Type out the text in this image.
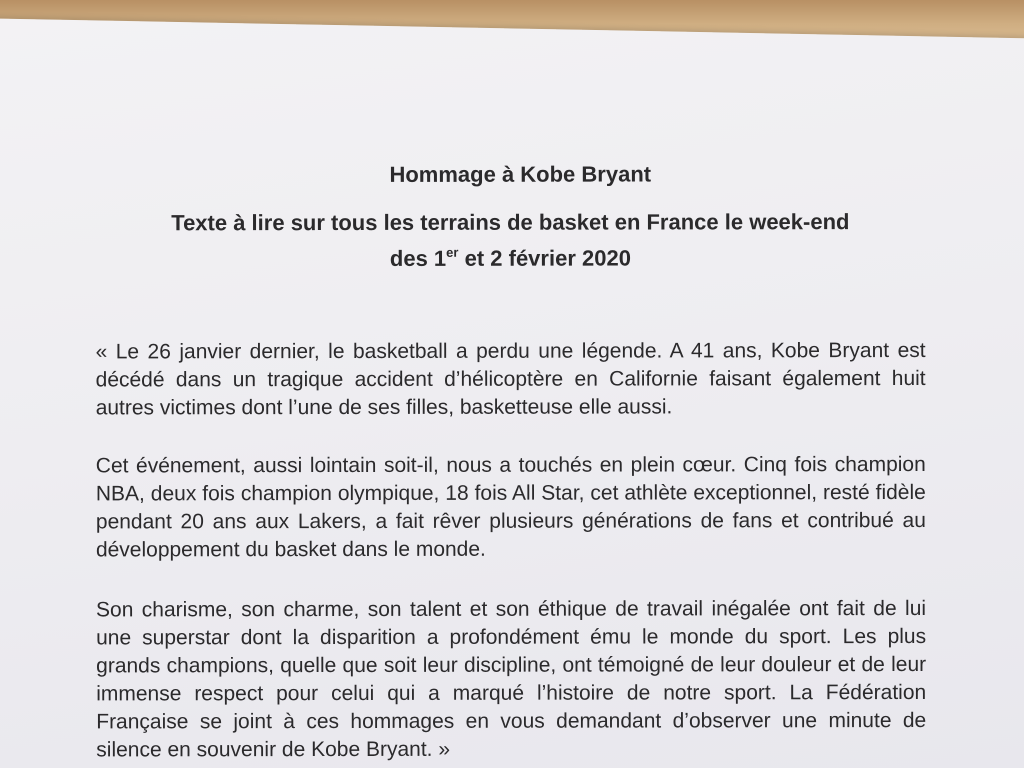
Hommage à Kobe Bryant
Texte à lire sur tous les terrains de basket en France le week-end
des 1er et 2 février 2020

« Le 26 janvier dernier, le basketball a perdu une légende. A 41 ans, Kobe Bryant est décédé dans un tragique accident d’hélicoptère en Californie faisant également huit autres victimes dont l’une de ses filles, basketteuse elle aussi.

Cet événement, aussi lointain soit-il, nous a touchés en plein cœur. Cinq fois champion NBA, deux fois champion olympique, 18 fois All Star, cet athlète exceptionnel, resté fidèle pendant 20 ans aux Lakers, a fait rêver plusieurs générations de fans et contribué au développement du basket dans le monde.

Son charisme, son charme, son talent et son éthique de travail inégalée ont fait de lui une superstar dont la disparition a profondément ému le monde du sport. Les plus grands champions, quelle que soit leur discipline, ont témoigné de leur douleur et de leur immense respect pour celui qui a marqué l’histoire de notre sport. La Fédération Française se joint à ces hommages en vous demandant d’observer une minute de silence en souvenir de Kobe Bryant. »
